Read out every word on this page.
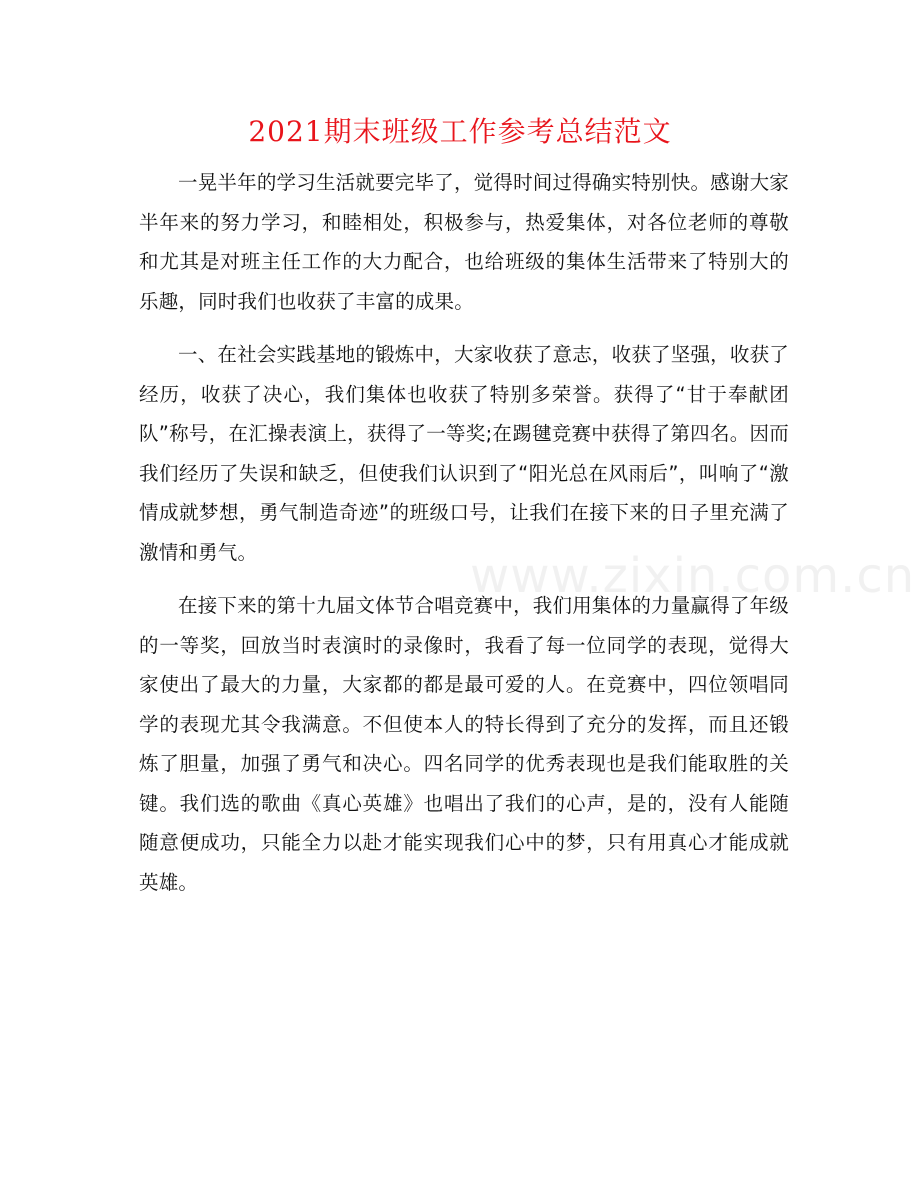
2021期末班级工作参考总结范文

一晃半年的学习生活就要完毕了，觉得时间过得确实特别快。感谢大家半年来的努力学习，和睦相处，积极参与，热爱集体，对各位老师的尊敬和尤其是对班主任工作的大力配合，也给班级的集体生活带来了特别大的乐趣，同时我们也收获了丰富的成果。

一、在社会实践基地的锻炼中，大家收获了意志，收获了坚强，收获了经历，收获了决心，我们集体也收获了特别多荣誉。获得了“甘于奉献团队”称号，在汇操表演上，获得了一等奖;在踢毽竞赛中获得了第四名。因而我们经历了失误和缺乏，但使我们认识到了“阳光总在风雨后”，叫响了“激情成就梦想，勇气制造奇迹”的班级口号，让我们在接下来的日子里充满了激情和勇气。

在接下来的第十九届文体节合唱竞赛中，我们用集体的力量赢得了年级的一等奖，回放当时表演时的录像时，我看了每一位同学的表现，觉得大家使出了最大的力量，大家都的都是最可爱的人。在竞赛中，四位领唱同学的表现尤其令我满意。不但使本人的特长得到了充分的发挥，而且还锻炼了胆量，加强了勇气和决心。四名同学的优秀表现也是我们能取胜的关键。我们选的歌曲《真心英雄》也唱出了我们的心声，是的，没有人能随随意便成功，只能全力以赴才能实现我们心中的梦，只有用真心才能成就英雄。

www.zixin.com.cn
